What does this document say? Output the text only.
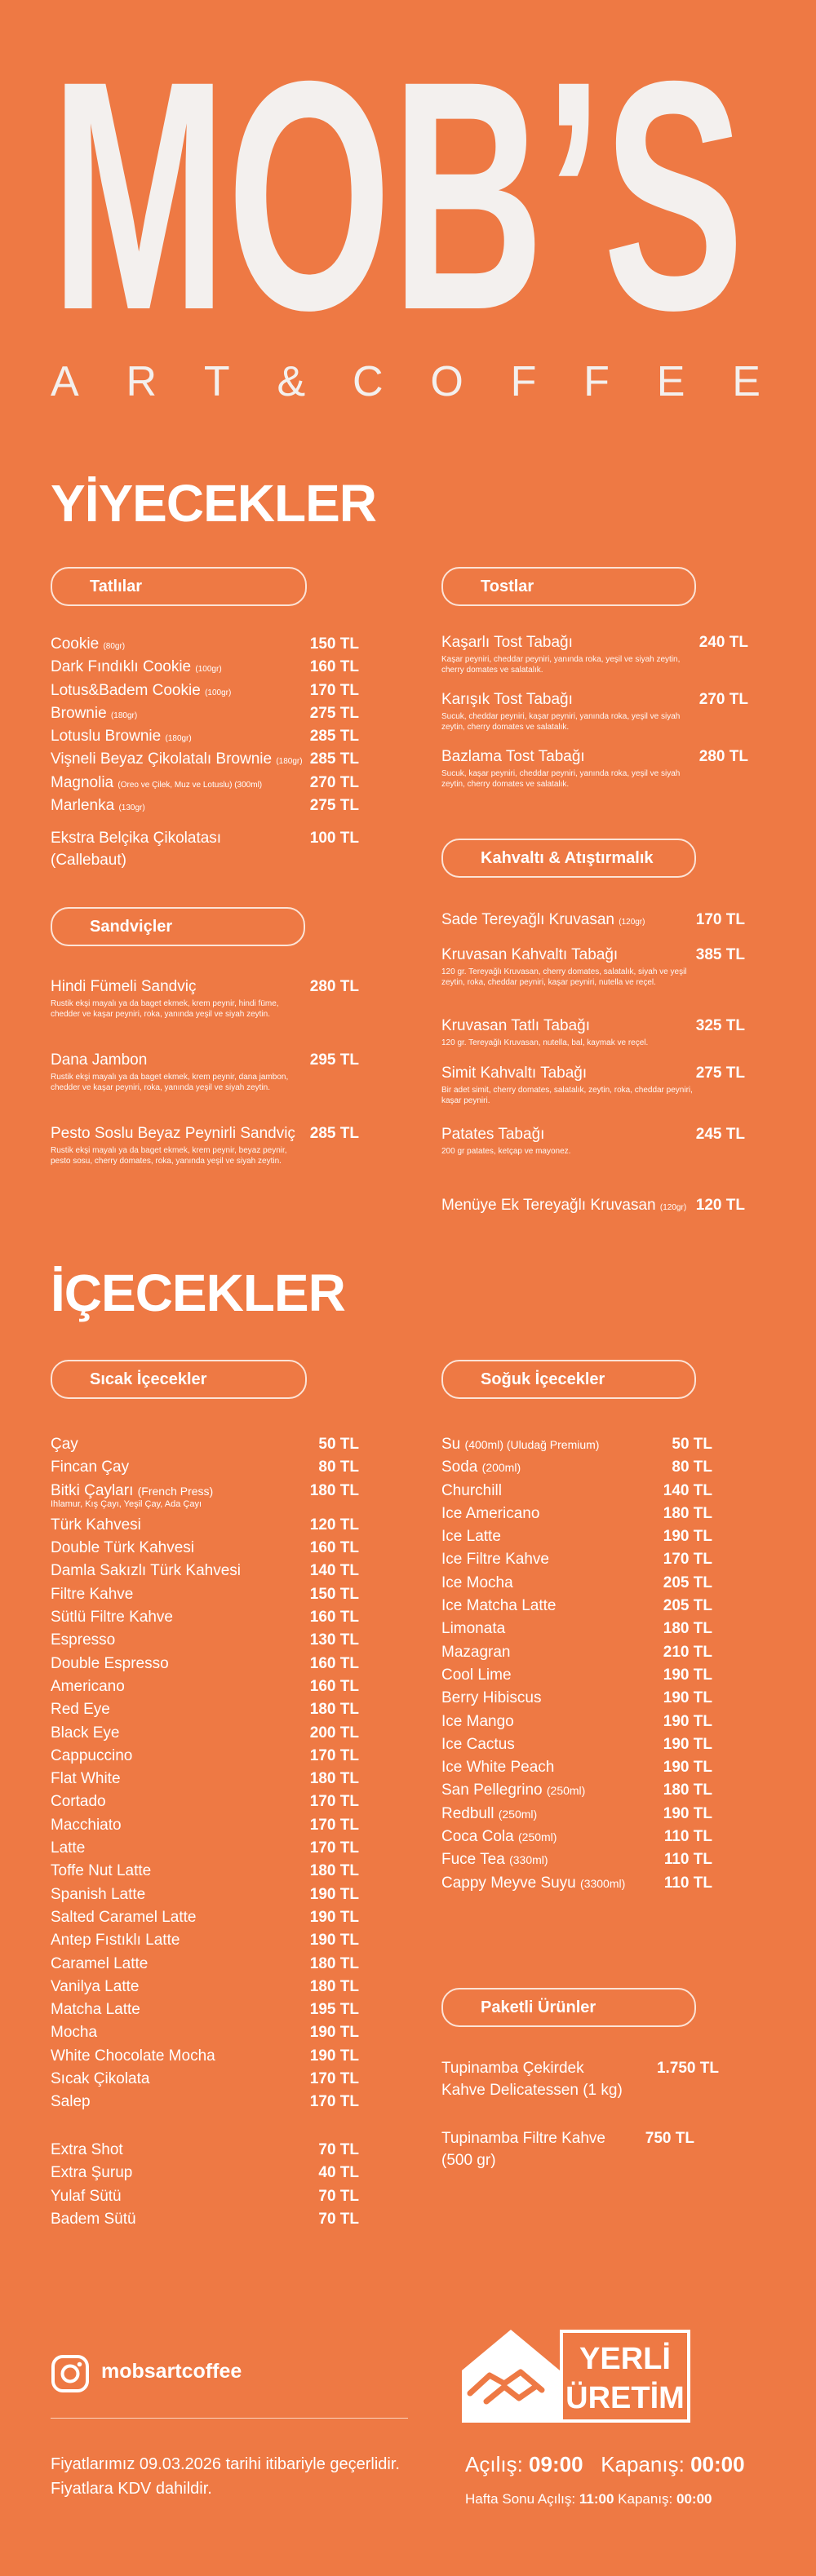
MOB’S
A R T & C O F F E E
YİYECEKLER
Tatlılar
Cookie (80gr)	150 TL
Dark Fındıklı Cookie (100gr)	160 TL
Lotus&Badem Cookie (100gr)	170 TL
Brownie (180gr)	275 TL
Lotuslu Brownie (180gr)	285 TL
Vişneli Beyaz Çikolatalı Brownie (180gr) 285 TL
Magnolia (Oreo ve Çilek, Muz ve Lotuslu) (300ml)	270 TL
Marlenka (130gr)	275 TL
Ekstra Belçika Çikolatası
(Callebaut)
100 TL
Sandviçler
Hindi Fümeli Sandviç	280 TL
Rustik ekşi mayalı ya da baget ekmek, krem peynir, hindi füme, chedder ve kaşar peyniri, roka, yanında yeşil ve siyah zeytin.
Dana Jambon	295 TL
Rustik ekşi mayalı ya da baget ekmek, krem peynir, dana jambon, chedder ve kaşar peyniri, roka, yanında yeşil ve siyah zeytin.
Pesto Soslu Beyaz Peynirli Sandviç 285 TL
Rustik ekşi mayalı ya da baget ekmek, krem peynir, beyaz peynir, pesto sosu, cherry domates, roka, yanında yeşil ve siyah zeytin.
Tostlar
Kaşarlı Tost Tabağı	240 TL
Kaşar peyniri, cheddar peyniri, yanında roka, yeşil ve siyah zeytin, cherry domates ve salatalık.
Karışık Tost Tabağı	270 TL
Sucuk, cheddar peyniri, kaşar peyniri, yanında roka, yeşil ve siyah zeytin, cherry domates ve salatalık.
Bazlama Tost Tabağı	280 TL
Sucuk, kaşar peyniri, cheddar peyniri, yanında roka, yeşil ve siyah zeytin, cherry domates ve salatalık.
Kahvaltı & Atıştırmalık
Sade Tereyağlı Kruvasan (120gr)	170 TL
Kruvasan Kahvaltı Tabağı	385 TL
120 gr. Tereyağlı Kruvasan, cherry domates, salatalık, siyah ve yeşil zeytin, roka, cheddar peyniri, kaşar peyniri, nutella ve reçel.
Kruvasan Tatlı Tabağı	325 TL
120 gr. Tereyağlı Kruvasan, nutella, bal, kaymak ve reçel.
Simit Kahvaltı Tabağı	275 TL
Bir adet simit, cherry domates, salatalık, zeytin, roka, cheddar peyniri, kaşar peyniri.
Patates Tabağı	245 TL
200 gr patates, ketçap ve mayonez.
Menüye Ek Tereyağlı Kruvasan (120gr) 120 TL
İÇECEKLER
Sıcak İçecekler
Çay	50 TL
Fincan Çay	80 TL
Bitki Çayları (French Press)	180 TL
Ihlamur, Kış Çayı, Yeşil Çay, Ada Çayı
Türk Kahvesi	120 TL
Double Türk Kahvesi	160 TL
Damla Sakızlı Türk Kahvesi	140 TL
Filtre Kahve	150 TL
Sütlü Filtre Kahve	160 TL
Espresso	130 TL
Double Espresso	160 TL
Americano	160 TL
Red Eye	180 TL
Black Eye	200 TL
Cappuccino	170 TL
Flat White	180 TL
Cortado	170 TL
Macchiato	170 TL
Latte	170 TL
Toffe Nut Latte	180 TL
Spanish Latte	190 TL
Salted Caramel Latte	190 TL
Antep Fıstıklı Latte	190 TL
Caramel Latte	180 TL
Vanilya Latte	180 TL
Matcha Latte	195 TL
Mocha	190 TL
White Chocolate Mocha	190 TL
Sıcak Çikolata	170 TL
Salep	170 TL
Extra Shot	70 TL
Extra Şurup	40 TL
Yulaf Sütü	70 TL
Badem Sütü	70 TL
Soğuk İçecekler
Su (400ml) (Uludağ Premium)	50 TL
Soda (200ml)	80 TL
Churchill	140 TL
Ice Americano	180 TL
Ice Latte	190 TL
Ice Filtre Kahve	170 TL
Ice Mocha	205 TL
Ice Matcha Latte	205 TL
Limonata	180 TL
Mazagran	210 TL
Cool Lime	190 TL
Berry Hibiscus	190 TL
Ice Mango	190 TL
Ice Cactus	190 TL
Ice White Peach	190 TL
San Pellegrino (250ml)	180 TL
Redbull (250ml)	190 TL
Coca Cola (250ml)	110 TL
Fuce Tea (330ml)	110 TL
Cappy Meyve Suyu (3300ml)	110 TL
Paketli Ürünler
Tupinamba Çekirdek
Kahve Delicatessen (1 kg)
1.750 TL
Tupinamba Filtre Kahve
(500 gr)
750 TL
mobsartcoffee	YERLİ
ÜRETİM
Fiyatlarımız 09.03.2026 tarihi itibariyle geçerlidir.
Fiyatlara KDV dahildir.
Açılış: 09:00 Kapanış: 00:00
Hafta Sonu Açılış: 11:00 Kapanış: 00:00
